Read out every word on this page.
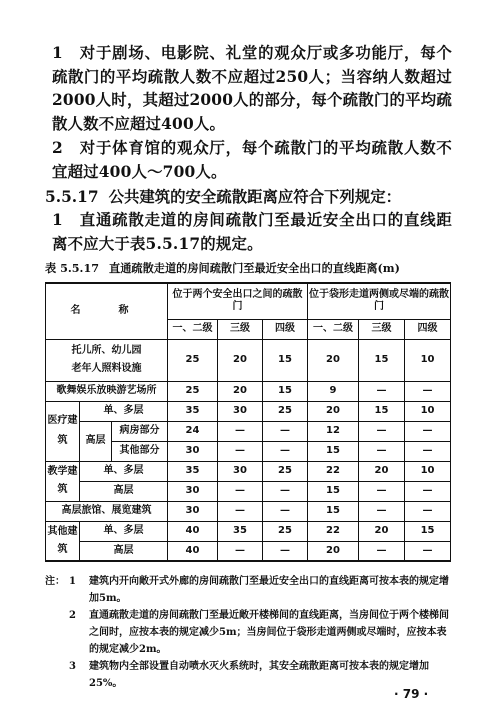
1　对于剧场、电影院、礼堂的观众厅或多功能厅，每个疏散门的平均疏散人数不应超过250人；当容纳人数超过2000人时，其超过2000人的部分，每个疏散门的平均疏散人数不应超过400人。
2　对于体育馆的观众厅，每个疏散门的平均疏散人数不宜超过400人～700人。
5.5.17 公共建筑的安全疏散距离应符合下列规定：
1　直通疏散走道的房间疏散门至最近安全出口的直线距离不应大于表5.5.17的规定。
表 5.5.17 直通疏散走道的房间疏散门至最近安全出口的直线距离(m)
名　称			位于两个安全出口之间的疏散门			位于袋形走道两侧或尽端的疏散门		
			一、二级	三级	四级	一、二级	三级	四级
托儿所、幼儿园
老年人照料设施			25	20	15	20	15	10
歌舞娱乐放映游艺场所			25	20	15	9	—	—
医疗建筑	单、多层		35	30	25	20	15	10
	高层	病房部分	24	—	—	12	—	—
		其他部分	30	—	—	15	—	—
教学建筑	单、多层		35	30	25	22	20	10
	高层		30	—	—	15	—	—
高层旅馆、展览建筑			30	—	—	15	—	—
其他建筑	单、多层		40	35	25	22	20	15
	高层		40	—	—	20	—	—
注： 1	建筑内开向敞开式外廊的房间疏散门至最近安全出口的直线距离可按本表的规定增加5m。
2	直通疏散走道的房间疏散门至最近敞开楼梯间的直线距离，当房间位于两个楼梯间之间时，应按本表的规定减少5m；当房间位于袋形走道两侧或尽端时，应按本表的规定减少2m。
3	建筑物内全部设置自动喷水灭火系统时，其安全疏散距离可按本表的规定增加25%。
· 79 ·
